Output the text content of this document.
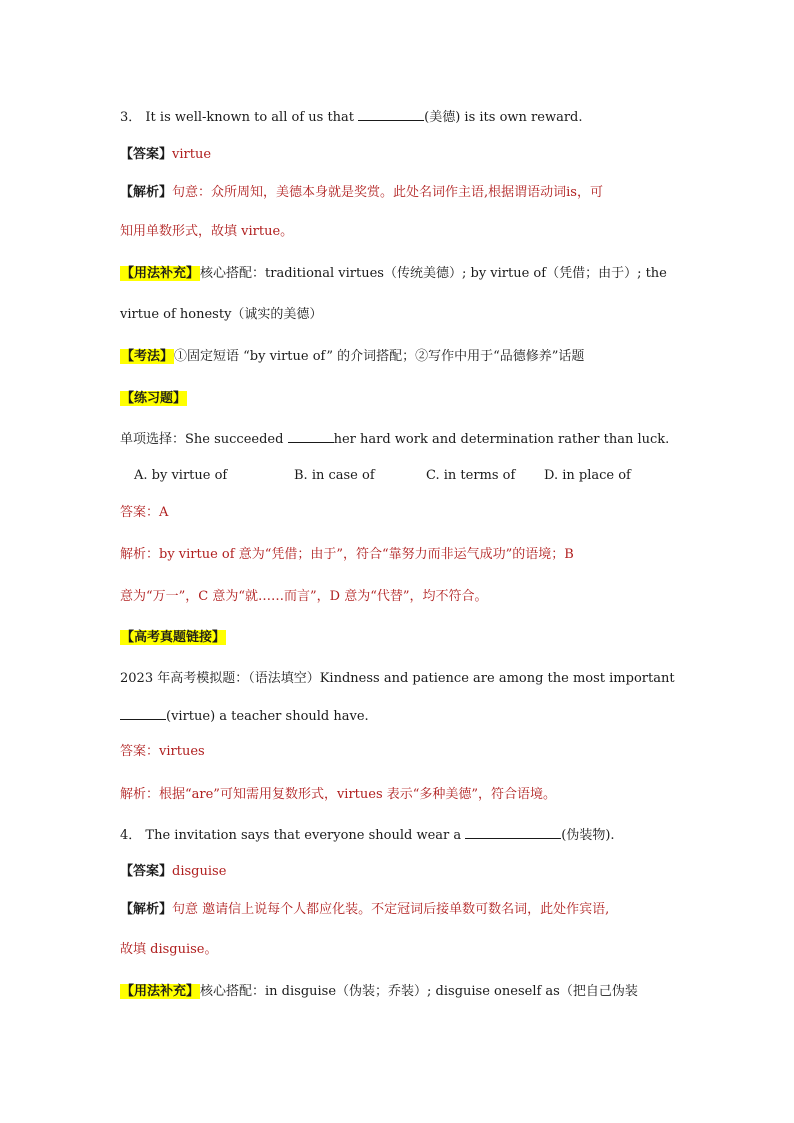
3． It is well-known to all of us that	(美德) is its own reward.
【答案】virtue
【解析】句意：众所周知，美德本身就是奖赏。此处名词作主语,根据谓语动词is，可
知用单数形式，故填 virtue。
【用法补充】核心搭配：traditional virtues（传统美德）; by virtue of（凭借；由于）; the
virtue of honesty（诚实的美德）
【考法】①固定短语 “by virtue of” 的介词搭配；②写作中用于“品德修养”话题
【练习题】
单项选择：She succeeded	her hard work and determination rather than luck.
A. by virtue of	B. in case of	C. in terms of D. in place of
答案：A
解析：by virtue of 意为“凭借；由于”，符合“靠努力而非运气成功”的语境；B
意为“万一”，C 意为“就……而言”，D 意为“代替”，均不符合。
【高考真题链接】
2023 年高考模拟题：（语法填空）Kindness and patience are among the most important
(virtue) a teacher should have.
答案：virtues
解析：根据“are”可知需用复数形式，virtues 表示“多种美德”，符合语境。
4． The invitation says that everyone should wear a	(伪装物).
【答案】disguise
【解析】句意 邀请信上说每个人都应化装。不定冠词后接单数可数名词，此处作宾语,
故填 disguise。
【用法补充】核心搭配：in disguise（伪装；乔装）; disguise oneself as（把自己伪装
